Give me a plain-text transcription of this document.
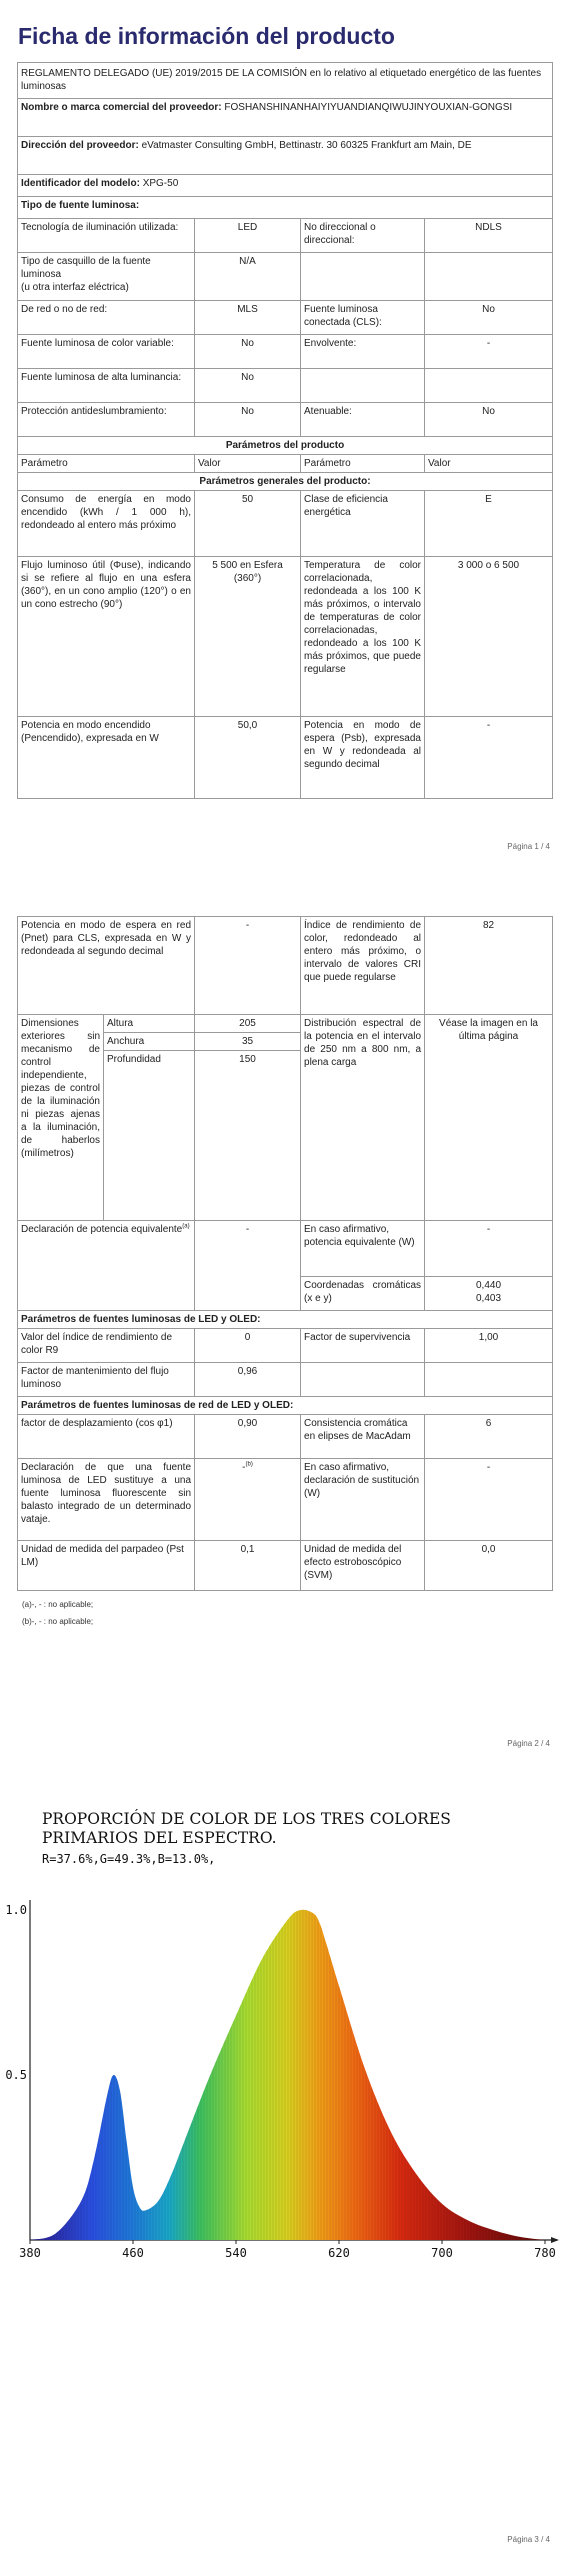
Ficha de información del producto
REGLAMENTO DELEGADO (UE) 2019/2015 DE LA COMISIÓN en lo relativo al etiquetado energético de las fuentes luminosas			
Nombre o marca comercial del proveedor: FOSHANSHINANHAIYIYUANDIANQIWUJINYOUXIAN-GONGSI			
Dirección del proveedor: eVatmaster Consulting GmbH, Bettinastr. 30 60325 Frankfurt am Main, DE			
Identificador del modelo: XPG-50			
Tipo de fuente luminosa:			
Tecnología de iluminación utilizada:	LED	No direccional o direccional:	NDLS
Tipo de casquillo de la fuente luminosa
(u otra interfaz eléctrica)	N/A		
De red o no de red:	MLS	Fuente luminosa conectada (CLS):	No
Fuente luminosa de color variable:	No	Envolvente:	-
Fuente luminosa de alta luminancia:	No		
Protección antideslumbramiento:	No	Atenuable:	No
Parámetros del producto			
Parámetro	Valor	Parámetro	Valor
Parámetros generales del producto:			
Consumo de energía en modo encendido (kWh / 1 000 h), redondeado al entero más próximo	50	Clase de eficiencia energética	E
Flujo luminoso útil (Φuse), indicando si se refiere al flujo en una esfera (360°), en un cono amplio (120°) o en un cono estrecho (90°)	5 500 en Esfera (360°)	Temperatura de color correlacionada, redondeada a los 100 K más próximos, o intervalo de temperaturas de color correlacionadas, redondeado a los 100 K más próximos, que puede regularse	3 000 o 6 500
Potencia en modo encendido (Pencendido), expresada en W	50,0	Potencia en modo de espera (Psb), expresada en W y redondeada al segundo decimal	-
Página 1 / 4
Potencia en modo de espera en red (Pnet) para CLS, expresada en W y redondeada al segundo decimal		-	Índice de rendimiento de color, redondeado al entero más próximo, o intervalo de valores CRI que puede regularse	82
Dimensiones exteriores sin mecanismo de control independiente, piezas de control de la iluminación ni piezas ajenas a la iluminación, de haberlos (milímetros)	Altura	205	Distribución espectral de la potencia en el intervalo de 250 nm a 800 nm, a plena carga	Véase la imagen en la última página
	Anchura	35		
	Profundidad	150		
Declaración de potencia equivalente$^{(a)}$		-	En caso afirmativo, potencia equivalente (W)	-
			Coordenadas cromáticas (x e y)	0,440
0,403

Parámetros de fuentes luminosas de LED y OLED:				
Valor del índice de rendimiento de color R9		0	Factor de supervivencia	1,00
Factor de mantenimiento del flujo luminoso		0,96		
Parámetros de fuentes luminosas de red de LED y OLED:				
factor de desplazamiento (cos φ1)		0,90	Consistencia cromática en elipses de MacAdam	6
Declaración de que una fuente luminosa de LED sustituye a una fuente luminosa fluorescente sin balasto integrado de un determinado vataje.		-$^{(b)}$	En caso afirmativo, declaración de sustitución (W)	-
Unidad de medida del parpadeo (Pst LM)		0,1	Unidad de medida del efecto estroboscópico (SVM)	0,0
(a)-, - : no aplicable;
(b)-, - : no aplicable;
Página 2 / 4
PROPORCIÓN DE COLOR DE LOS TRES COLORES
PRIMARIOS DEL ESPECTRO.
R=37.6%,G=49.3%,B=13.0%,
380	460	540	620	700	780
0.5
1.0
Página 3 / 4
